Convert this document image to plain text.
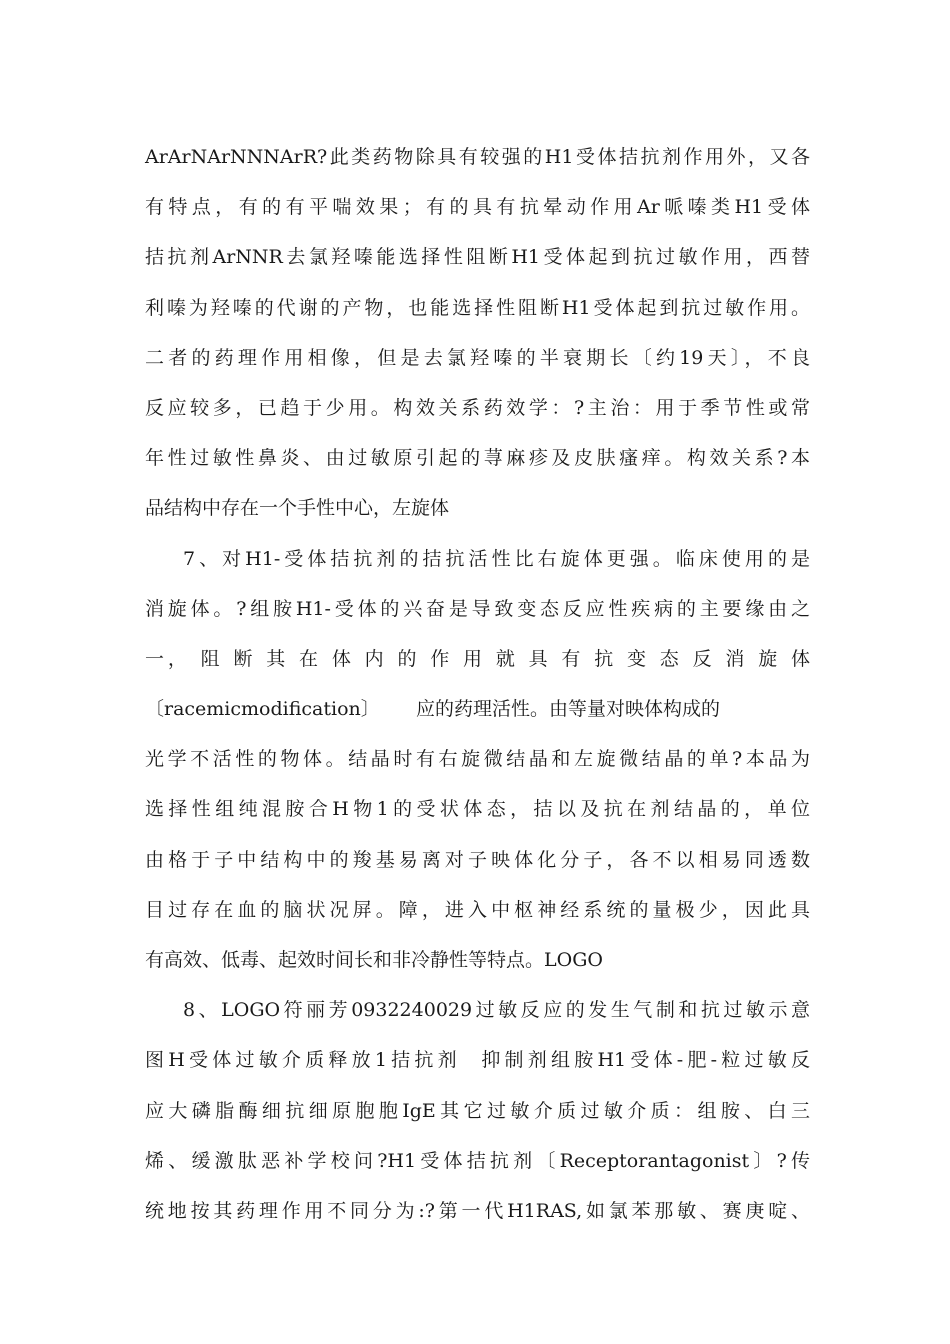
ArArNArNNNArR?此类药物除具有较强的H1受体拮抗剂作用外，又各
有特点，有的有平喘效果；有的具有抗晕动作用Ar哌嗪类H1受体
拮抗剂ArNNR去氯羟嗪能选择性阻断H1受体起到抗过敏作用，西替
利嗪为羟嗪的代谢的产物，也能选择性阻断H1受体起到抗过敏作用。
二者的药理作用相像，但是去氯羟嗪的半衰期长〔约19天〕，不良
反应较多，已趋于少用。构效关系药效学：?主治：用于季节性或常
年性过敏性鼻炎、由过敏原引起的荨麻疹及皮肤瘙痒。构效关系?本
品结构中存在一个手性中心，左旋体
7、对H1-受体拮抗剂的拮抗活性比右旋体更强。临床使用的是
消旋体。?组胺H1-受体的兴奋是导致变态反应性疾病的主要缘由之
一， 阻 断 其 在 体 内 的 作 用 就 具 有 抗 变 态 反 消 旋 体
〔racemicmodification〕      应的药理活性。由等量对映体构成的
光学不活性的物体。结晶时有右旋微结晶和左旋微结晶的单?本品为
选择性组纯混胺合H物1的受状体态，拮以及抗在剂结晶的，单位
由格于子中结构中的羧基易离对子映体化分子，各不以相易同透数
目过存在血的脑状况屏。障，进入中枢神经系统的量极少，因此具
有高效、低毒、起效时间长和非冷静性等特点。LOGO
8、LOGO符丽芳0932240029过敏反应的发生气制和抗过敏示意
图H受体过敏介质释放1拮抗剂  抑制剂组胺H1受体-肥-粒过敏反
应大磷脂酶细抗细原胞胞IgE其它过敏介质过敏介质：组胺、白三
烯、缓激肽恶补学校问?H1受体拮抗剂〔Receptorantagonist〕?传
统地按其药理作用不同分为:?第一代H1RAS,如氯苯那敏、赛庚啶、
